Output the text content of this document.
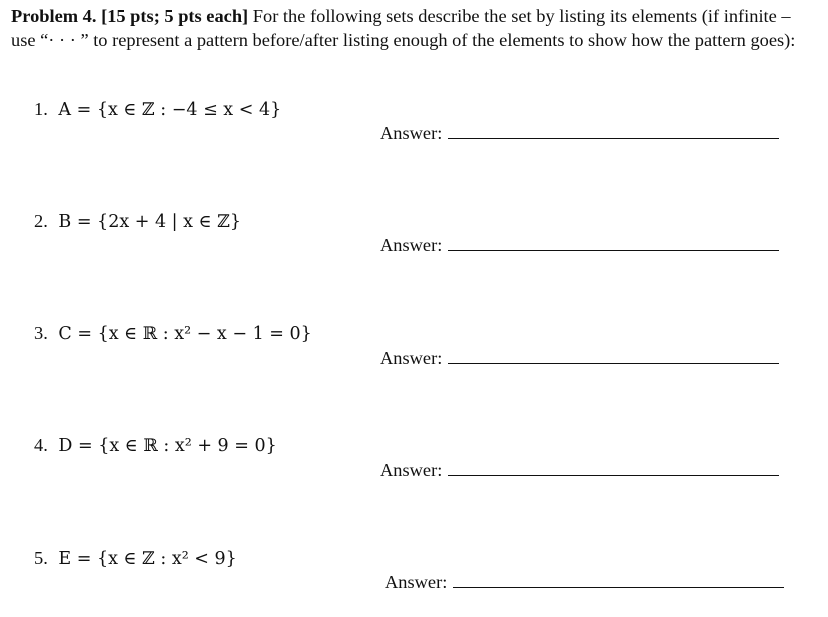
Problem 4. [15 pts; 5 pts each] For the following sets describe the set by listing its elements (if infinite – use “· · · ” to represent a pattern before/after listing enough of the elements to show how the pattern goes):
1. A = {x ∈ ℤ : −4 ≤ x < 4}
Answer:
2. B = {2x + 4 | x ∈ ℤ}
Answer:
3. C = {x ∈ ℝ : x² − x − 1 = 0}
Answer:
4. D = {x ∈ ℝ : x² + 9 = 0}
Answer:
5. E = {x ∈ ℤ : x² < 9}
Answer:
